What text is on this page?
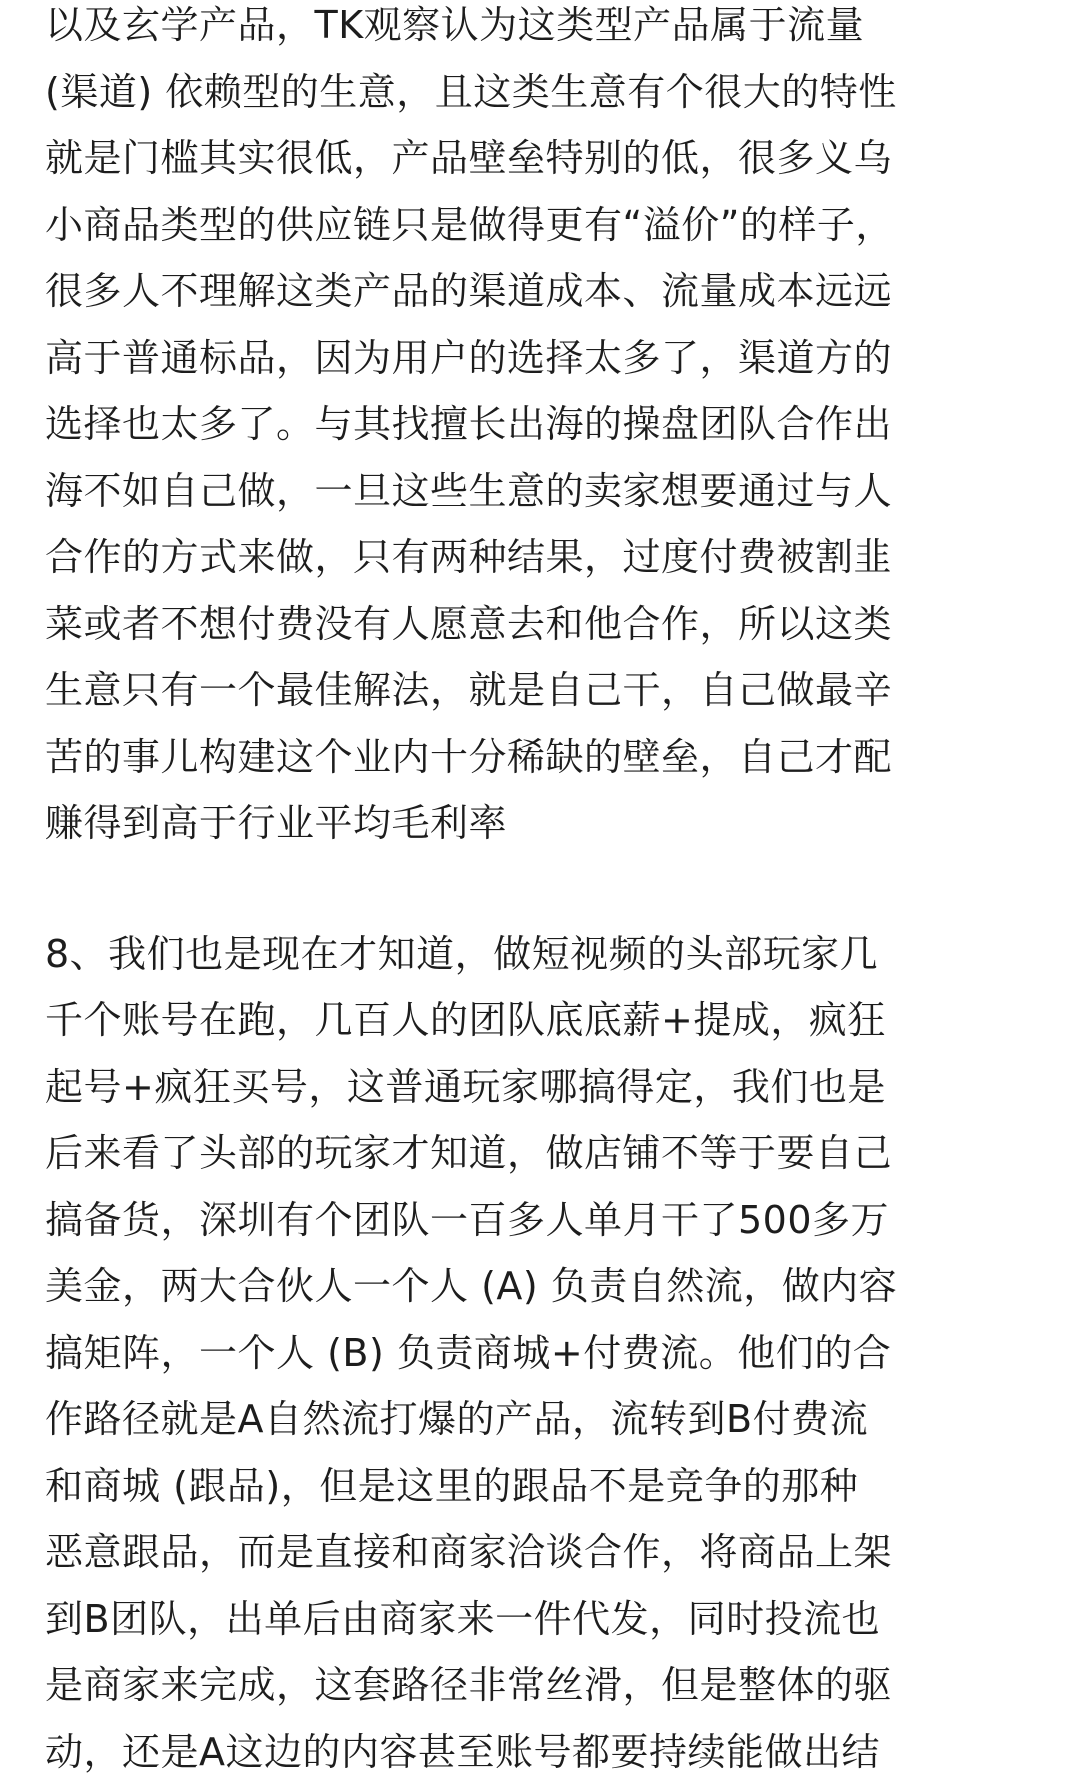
以及玄学产品，TK观察认为这类型产品属于流量
(渠道) 依赖型的生意，且这类生意有个很大的特性
就是门槛其实很低，产品壁垒特别的低，很多义乌
小商品类型的供应链只是做得更有“溢价”的样子，
很多人不理解这类产品的渠道成本、流量成本远远
高于普通标品，因为用户的选择太多了，渠道方的
选择也太多了。与其找擅长出海的操盘团队合作出
海不如自己做，一旦这些生意的卖家想要通过与人
合作的方式来做，只有两种结果，过度付费被割韭
菜或者不想付费没有人愿意去和他合作，所以这类
生意只有一个最佳解法，就是自己干，自己做最辛
苦的事儿构建这个业内十分稀缺的壁垒，自己才配
赚得到高于行业平均毛利率
8、我们也是现在才知道，做短视频的头部玩家几
千个账号在跑，几百人的团队底底薪+提成，疯狂
起号+疯狂买号，这普通玩家哪搞得定，我们也是
后来看了头部的玩家才知道，做店铺不等于要自己
搞备货，深圳有个团队一百多人单月干了500多万
美金，两大合伙人一个人 (A) 负责自然流，做内容
搞矩阵，一个人 (B) 负责商城+付费流。他们的合
作路径就是A自然流打爆的产品，流转到B付费流
和商城 (跟品)，但是这里的跟品不是竞争的那种
恶意跟品，而是直接和商家洽谈合作，将商品上架
到B团队，出单后由商家来一件代发，同时投流也
是商家来完成，这套路径非常丝滑，但是整体的驱
动，还是A这边的内容甚至账号都要持续能做出结
